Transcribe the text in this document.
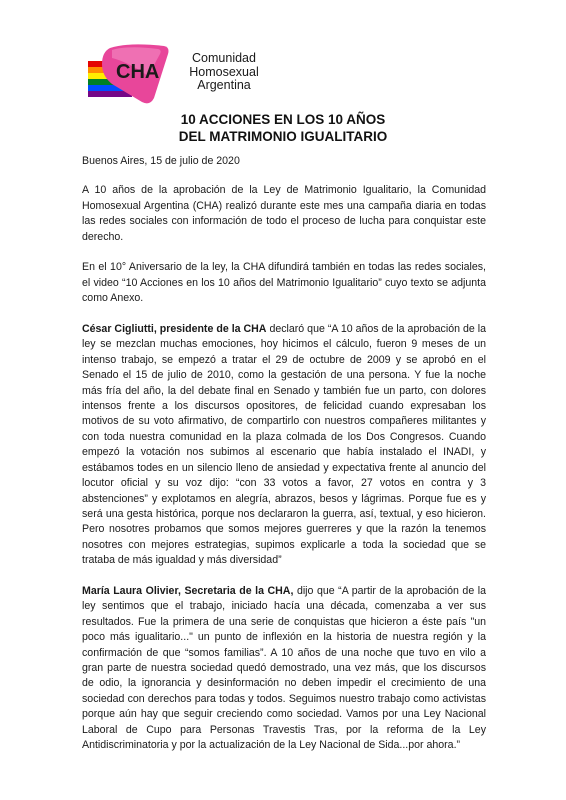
CHA
Comunidad
Homosexual
Argentina
10 ACCIONES EN LOS 10 AÑOS
DEL MATRIMONIO IGUALITARIO

Buenos Aires, 15 de julio de 2020

A 10 años de la aprobación de la Ley de Matrimonio Igualitario, la Comunidad Homosexual Argentina (CHA) realizó durante este mes una campaña diaria en todas las redes sociales con información de todo el proceso de lucha para conquistar este derecho.

En el 10° Aniversario de la ley, la CHA difundirá también en todas las redes sociales, el video “10 Acciones en los 10 años del Matrimonio Igualitario” cuyo texto se adjunta como Anexo.

César Cigliutti, presidente de la CHA declaró que “A 10 años de la aprobación de la ley se mezclan muchas emociones, hoy hicimos el cálculo, fueron 9 meses de un intenso trabajo, se empezó a tratar el 29 de octubre de 2009 y se aprobó en el Senado el 15 de julio de 2010, como la gestación de una persona. Y fue la noche más fría del año, la del debate final en Senado y también fue un parto, con dolores intensos frente a los discursos opositores, de felicidad cuando expresaban los motivos de su voto afirmativo, de compartirlo con nuestros compañeres militantes y con toda nuestra comunidad en la plaza colmada de los Dos Congresos. Cuando empezó la votación nos subimos al escenario que había instalado el INADI, y estábamos todes en un silencio lleno de ansiedad y expectativa frente al anuncio del locutor oficial y su voz dijo: “con 33 votos a favor, 27 votos en contra y 3 abstenciones” y explotamos en alegría, abrazos, besos y lágrimas. Porque fue es y será una gesta histórica, porque nos declararon la guerra, así, textual, y eso hicieron. Pero nosotres probamos que somos mejores guerreres y que la razón la tenemos nosotres con mejores estrategias, supimos explicarle a toda la sociedad que se trataba de más igualdad y más diversidad”

María Laura Olivier, Secretaria de la CHA, dijo que “A partir de la aprobación de la ley sentimos que el trabajo, iniciado hacía una década, comenzaba a ver sus resultados. Fue la primera de una serie de conquistas que hicieron a éste país "un poco más igualitario..." un punto de inflexión en la historia de nuestra región y la confirmación de que “somos familias”. A 10 años de una noche que tuvo en vilo a gran parte de nuestra sociedad quedó demostrado, una vez más, que los discursos de odio, la ignorancia y desinformación no deben impedir el crecimiento de una sociedad con derechos para todas y todos. Seguimos nuestro trabajo como activistas porque aún hay que seguir creciendo como sociedad. Vamos por una Ley Nacional Laboral de Cupo para Personas Travestis Tras, por la reforma de la Ley Antidiscriminatoria y por la actualización de la Ley Nacional de Sida...por ahora.”
